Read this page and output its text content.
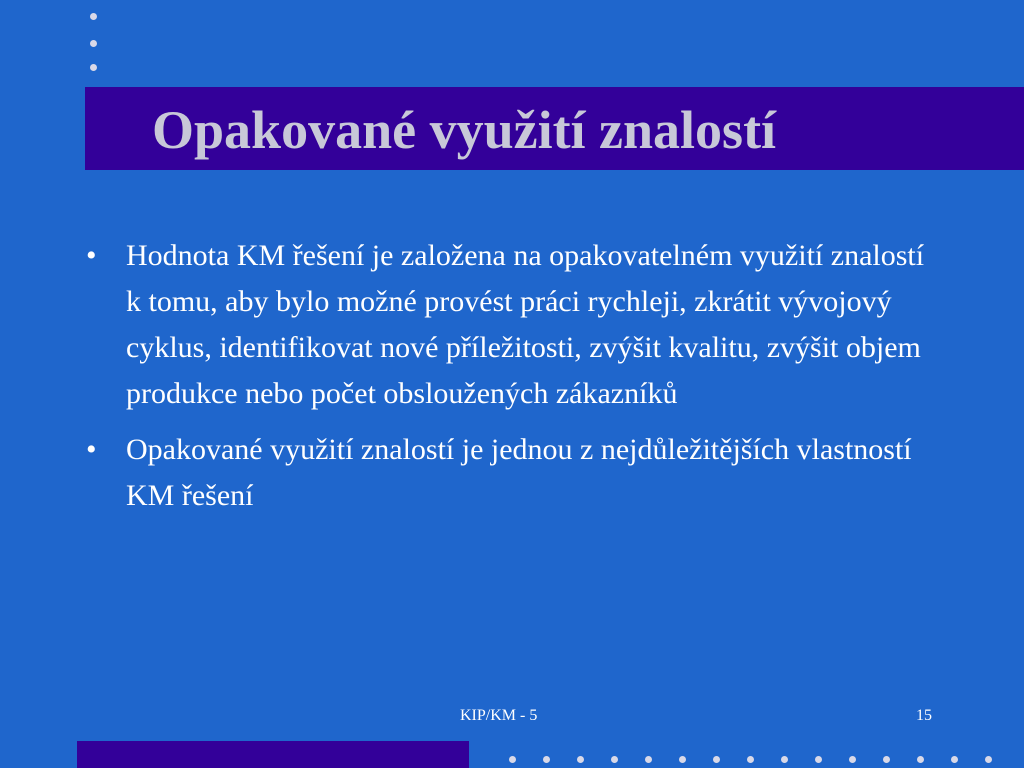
Opakované využití znalostí
• Hodnota KM řešení je založena na opakovatelném využití znalostí k tomu, aby bylo možné provést práci rychleji, zkrátit vývojový cyklus, identifikovat nové příležitosti, zvýšit kvalitu, zvýšit objem produkce nebo počet obsloužených zákazníků
• Opakované využití znalostí je jednou z nejdůležitějších vlastností KM řešení
KIP/KM - 5	15
